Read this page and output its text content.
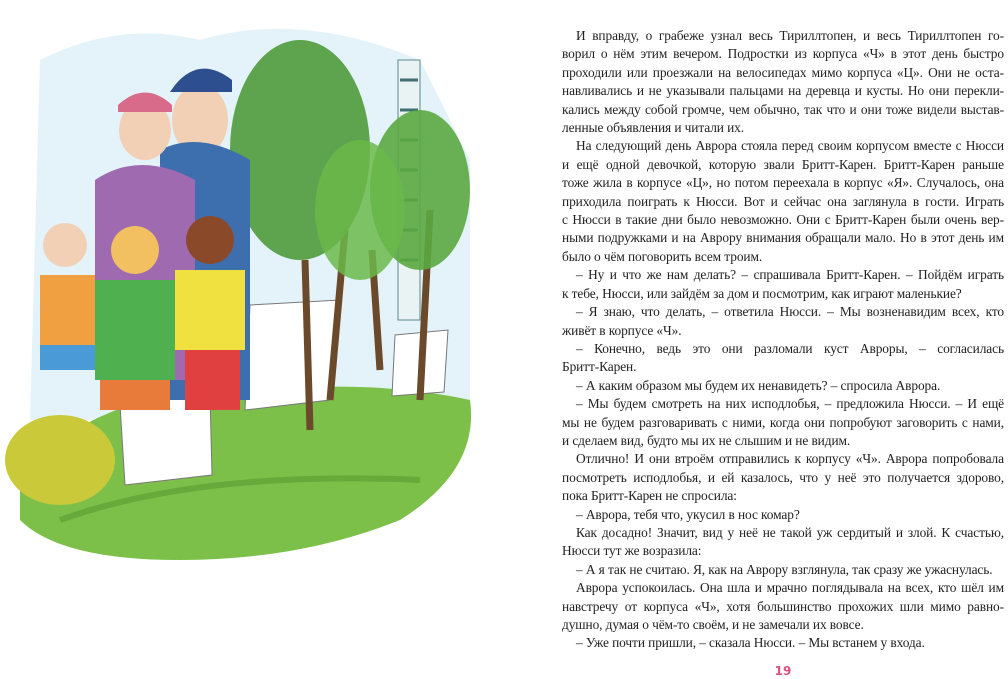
И вправду, о грабеже узнал весь Тириллтопен, и весь Тириллтопен го-
ворил о нём этим вечером. Подростки из корпуса «Ч» в этот день быстро
проходили или проезжали на велосипедах мимо корпуса «Ц». Они не оста-
навливались и не указывали пальцами на деревца и кусты. Но они перекли-
кались между собой громче, чем обычно, так что и они тоже видели выстав-
ленные объявления и читали их.
На следующий день Аврора стояла перед своим корпусом вместе с Нюсси
и ещё одной девочкой, которую звали Бритт-Карен. Бритт-Карен раньше
тоже жила в корпусе «Ц», но потом переехала в корпус «Я». Случалось, она
приходила поиграть к Нюсси. Вот и сейчас она заглянула в гости. Играть
с Нюсси в такие дни было невозможно. Они с Бритт-Карен были очень вер-
ными подружками и на Аврору внимания обращали мало. Но в этот день им
было о чём поговорить всем троим.
– Ну и что же нам делать? – спрашивала Бритт-Карен. – Пойдём играть
к тебе, Нюсси, или зайдём за дом и посмотрим, как играют маленькие?
– Я знаю, что делать, – ответила Нюсси. – Мы возненавидим всех, кто
живёт в корпусе «Ч».
– Конечно, ведь это они разломали куст Авроры, – согласилась
Бритт-Карен.
– А каким образом мы будем их ненавидеть? – спросила Аврора.
– Мы будем смотреть на них исподлобья, – предложила Нюсси. – И ещё
мы не будем разговаривать с ними, когда они попробуют заговорить с нами,
и сделаем вид, будто мы их не слышим и не видим.
Отлично! И они втроём отправились к корпусу «Ч». Аврора попробовала
посмотреть исподлобья, и ей казалось, что у неё это получается здорово,
пока Бритт-Карен не спросила:
– Аврора, тебя что, укусил в нос комар?
Как досадно! Значит, вид у неё не такой уж сердитый и злой. К счастью,
Нюсси тут же возразила:
– А я так не считаю. Я, как на Аврору взглянула, так сразу же ужаснулась.
Аврора успокоилась. Она шла и мрачно поглядывала на всех, кто шёл им
навстречу от корпуса «Ч», хотя большинство прохожих шли мимо равно-
душно, думая о чём-то своём, и не замечали их вовсе.
– Уже почти пришли, – сказала Нюсси. – Мы встанем у входа.
19
